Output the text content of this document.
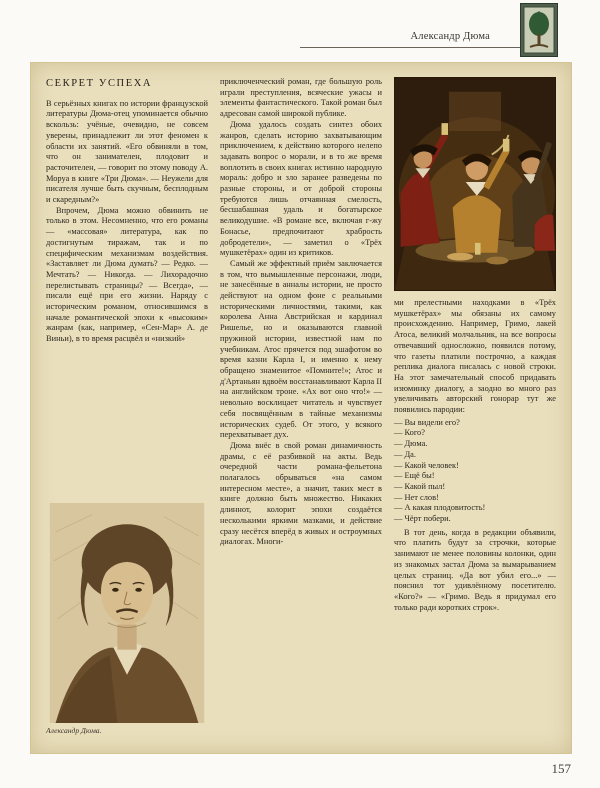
Александр Дюма
СЕКРЕТ УСПЕХА

В серьёзных книгах по истории французской литературы Дюма-отец упоминается обычно вскользь: учёные, очевидно, не совсем уверены, принадлежит ли этот феномен к области их занятий. «Его обвиняли в том, что он занимателен, плодовит и расточителен, — говорит по этому поводу А. Моруа в книге «Три Дюма». — Неужели для писателя лучше быть скучным, бесплодным и скаредным?»

Впрочем, Дюма можно обвинить не только в этом. Несомненно, что его романы — «массовая» литература, как по достигнутым тиражам, так и по специфическим механизмам воздействия. «Заставляет ли Дюма думать? — Редко. — Мечтать? — Никогда. — Лихорадочно перелистывать страницы? — Всегда», — писали ещё при его жизни. Наряду с историческим романом, относившимся в начале романтической эпохи к «высоким» жанрам (как, например, «Сен-Мар» А. де Виньи), в то время расцвёл и «низкий»

Александр Дюма.

приключенческий роман, где большую роль играли преступления, всяческие ужасы и элементы фантастического. Такой роман был адресован самой широкой публике.

Дюма удалось создать синтез обоих жанров, сделать историю захватывающим приключением, к действию которого нелепо задавать вопрос о морали, и в то же время воплотить в своих книгах истинно народную мораль: добро и зло заранее разведены по разные стороны, и от доброй стороны требуются лишь отчаянная смелость, бесшабашная удаль и богатырское великодушие. «В романе все, включая г-жу Бонасье, предпочитают храбрость добродетели», — заметил о «Трёх мушкетёрах» один из критиков.

Самый же эффектный приём заключается в том, что вымышленные персонажи, люди, не занесённые в анналы истории, не просто действуют на одном фоне с реальными историческими личностями, такими, как королева Анна Австрийская и кардинал Ришелье, но и оказываются главной пружиной истории, известной нам по учебникам. Атос прячется под эшафотом во время казни Карла I, и именно к нему обращено знаменитое «Помните!»; Атос и д'Артаньян вдвоём восстанавливают Карла II на английском троне. «Ах вот оно что!» — невольно восклицает читатель и чувствует себя посвящённым в тайные механизмы исторических судеб. От этого, у всякого перехватывает дух.

Дюма внёс в свой роман динамичность драмы, с её разбивкой на акты. Ведь очередной части романа-фельетона полагалось обрываться «на самом интересном месте», а значит, таких мест в книге должно быть множество. Никаких длиннот, колорит эпохи создаётся несколькими яркими мазками, и действие сразу несётся вперёд в живых и остроумных диалогах. Многи-

ми прелестными находками в «Трёх мушкетёрах» мы обязаны их самому происхождению. Например, Гримо, лакей Атоса, великий молчальник, на все вопросы отвечавший односложно, появился потому, что газеты платили построчно, а каждая реплика диалога писалась с новой строки. На этот замечательный способ придавать изюминку диалогу, а заодно во много раз увеличивать авторский гонорар тут же появились пародии:

— Вы видели его?
— Кого?
— Дюма.
— Да.
— Какой человек!
— Ещё бы!
— Какой пыл!
— Нет слов!
— А какая плодовитость!
— Чёрт побери.

В тот день, когда в редакции объявили, что платить будут за строчки, которые занимают не менее половины колонки, один из знакомых застал Дюма за вымарыванием целых страниц. «Да вот убил его...» — пояснил тот удивлённому посетителю. «Кого?» — «Гримо. Ведь я придумал его только ради коротких строк».

157
